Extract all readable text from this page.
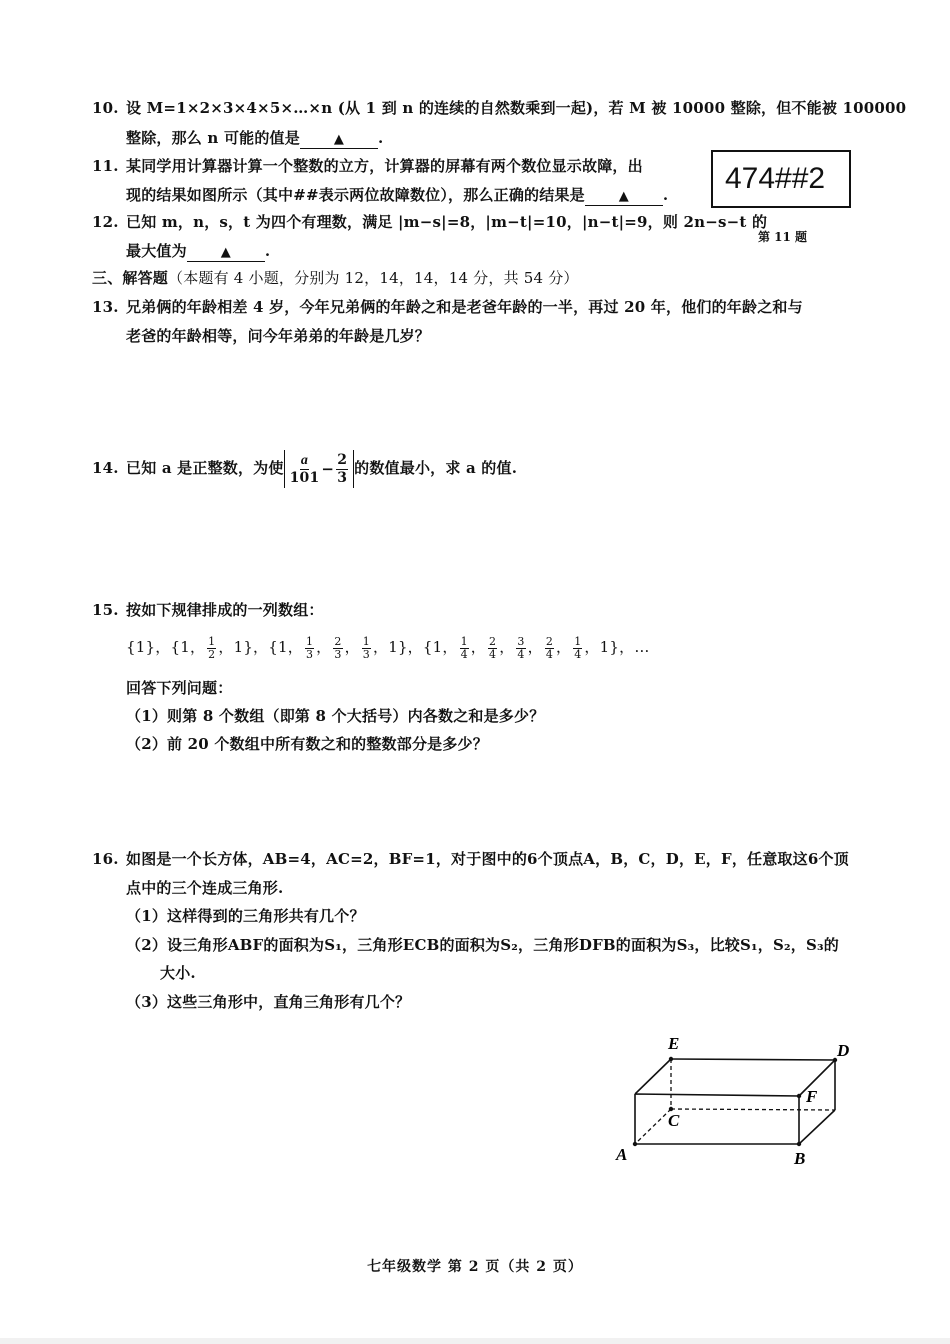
10. 设 M=1×2×3×4×5×…×n (从 1 到 n 的连续的自然数乘到一起)，若 M 被 10000 整除，但不能被 100000
整除，那么 n 可能的值是	▲ .
11. 某同学用计算器计算一个整数的立方，计算器的屏幕有两个数位显示故障，出
现的结果如图所示（其中##表示两位故障数位），那么正确的结果是	▲ .	474##2
第 11 题
12. 已知 m，n，s，t 为四个有理数，满足 |m−s|=8，|m−t|=10，|n−t|=9，则 2n−s−t 的
最大值为	▲ .
三、解答题（本题有 4 小题，分别为 12，14，14，14 分，共 54 分）
13. 兄弟俩的年龄相差 4 岁，今年兄弟俩的年龄之和是老爸年龄的一半，再过 20 年，他们的年龄之和与
老爸的年龄相等，问今年弟弟的年龄是几岁？
14. 已知 a 是正整数，为使 $\frac{a}{101} - \frac{2}{3}$ 的数值最小，求 a 的值.
15. 按如下规律排成的一列数组：
{1}，{1， $\frac{1}{2}$ ，1}，{1， $\frac{1}{3}$ ， $\frac{2}{3}$ ， $\frac{1}{3}$ ，1}，{1， $\frac{1}{4}$ ， $\frac{2}{4}$ ， $\frac{3}{4}$ ， $\frac{2}{4}$ ， $\frac{1}{4}$ ，1}，…
回答下列问题：
（1）则第 8 个数组（即第 8 个大括号）内各数之和是多少？
（2）前 20 个数组中所有数之和的整数部分是多少？
16. 如图是一个长方体，AB=4，AC=2，BF=1，对于图中的6个顶点A，B，C，D，E，F，任意取这6个顶
点中的三个连成三角形.
（1）这样得到的三角形共有几个？
（2）设三角形ABF的面积为S₁，三角形ECB的面积为S₂，三角形DFB的面积为S₃，比较S₁，S₂，S₃的
大小.
（3）这些三角形中，直角三角形有几个？
A	B
C
D
E
F
七年级数学 第 2 页（共 2 页）
